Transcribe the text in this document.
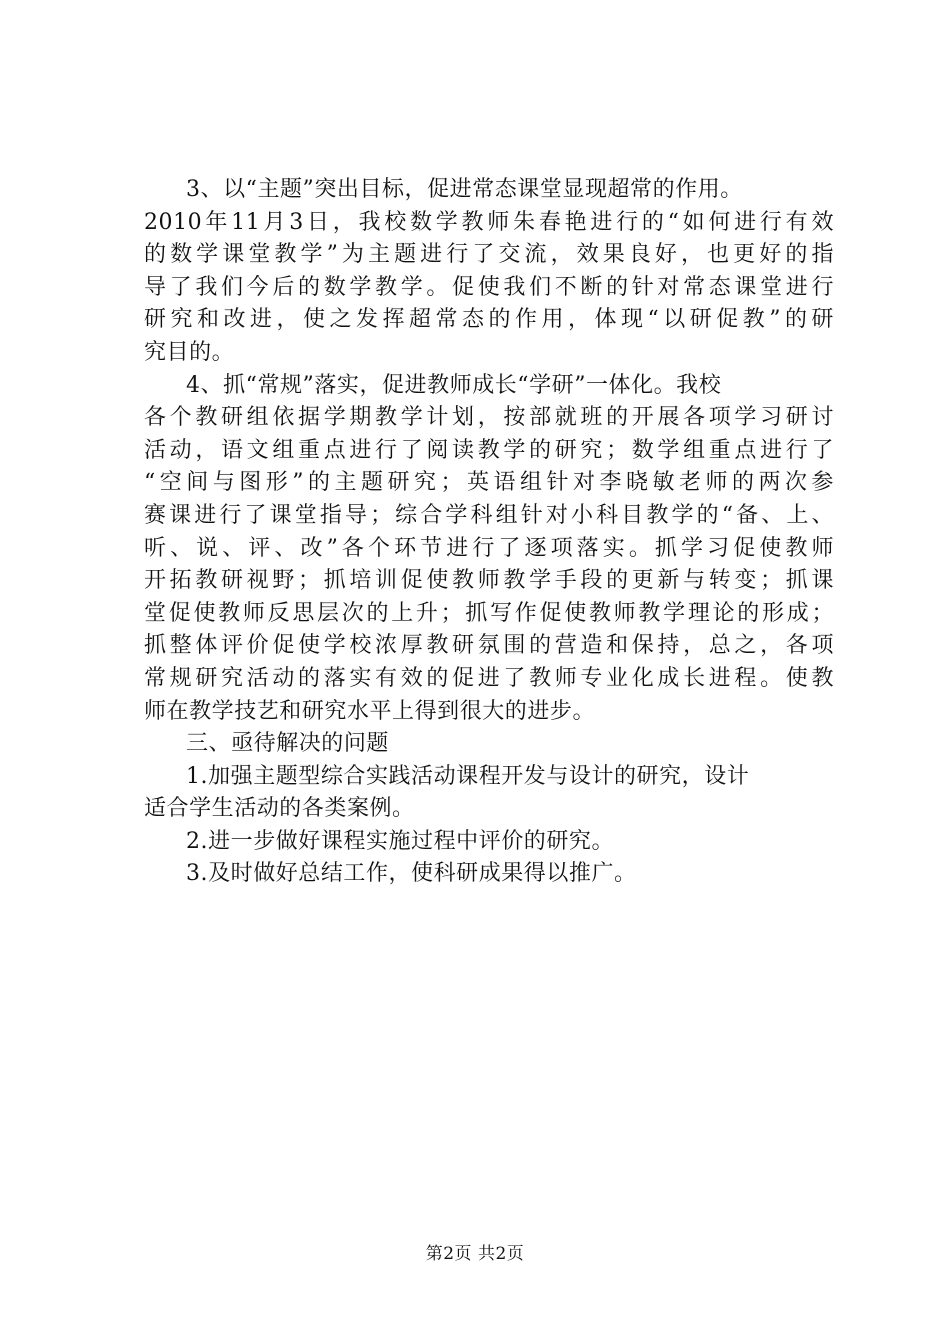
3、以“主题”突出目标，促进常态课堂显现超常的作用。
2010年11月3日，我校数学教师朱春艳进行的“如何进行有效
的数学课堂教学”为主题进行了交流，效果良好，也更好的指
导了我们今后的数学教学。促使我们不断的针对常态课堂进行
研究和改进，使之发挥超常态的作用，体现“以研促教”的研
究目的。
4、抓“常规”落实，促进教师成长“学研”一体化。我校
各个教研组依据学期教学计划，按部就班的开展各项学习研讨
活动，语文组重点进行了阅读教学的研究；数学组重点进行了
“空间与图形”的主题研究；英语组针对李晓敏老师的两次参
赛课进行了课堂指导；综合学科组针对小科目教学的“备、上、
听、说、评、改”各个环节进行了逐项落实。抓学习促使教师
开拓教研视野；抓培训促使教师教学手段的更新与转变；抓课
堂促使教师反思层次的上升；抓写作促使教师教学理论的形成；
抓整体评价促使学校浓厚教研氛围的营造和保持，总之，各项
常规研究活动的落实有效的促进了教师专业化成长进程。使教
师在教学技艺和研究水平上得到很大的进步。
三、亟待解决的问题
1.加强主题型综合实践活动课程开发与设计的研究，设计
适合学生活动的各类案例。
2.进一步做好课程实施过程中评价的研究。
3.及时做好总结工作，使科研成果得以推广。
第2页 共2页
